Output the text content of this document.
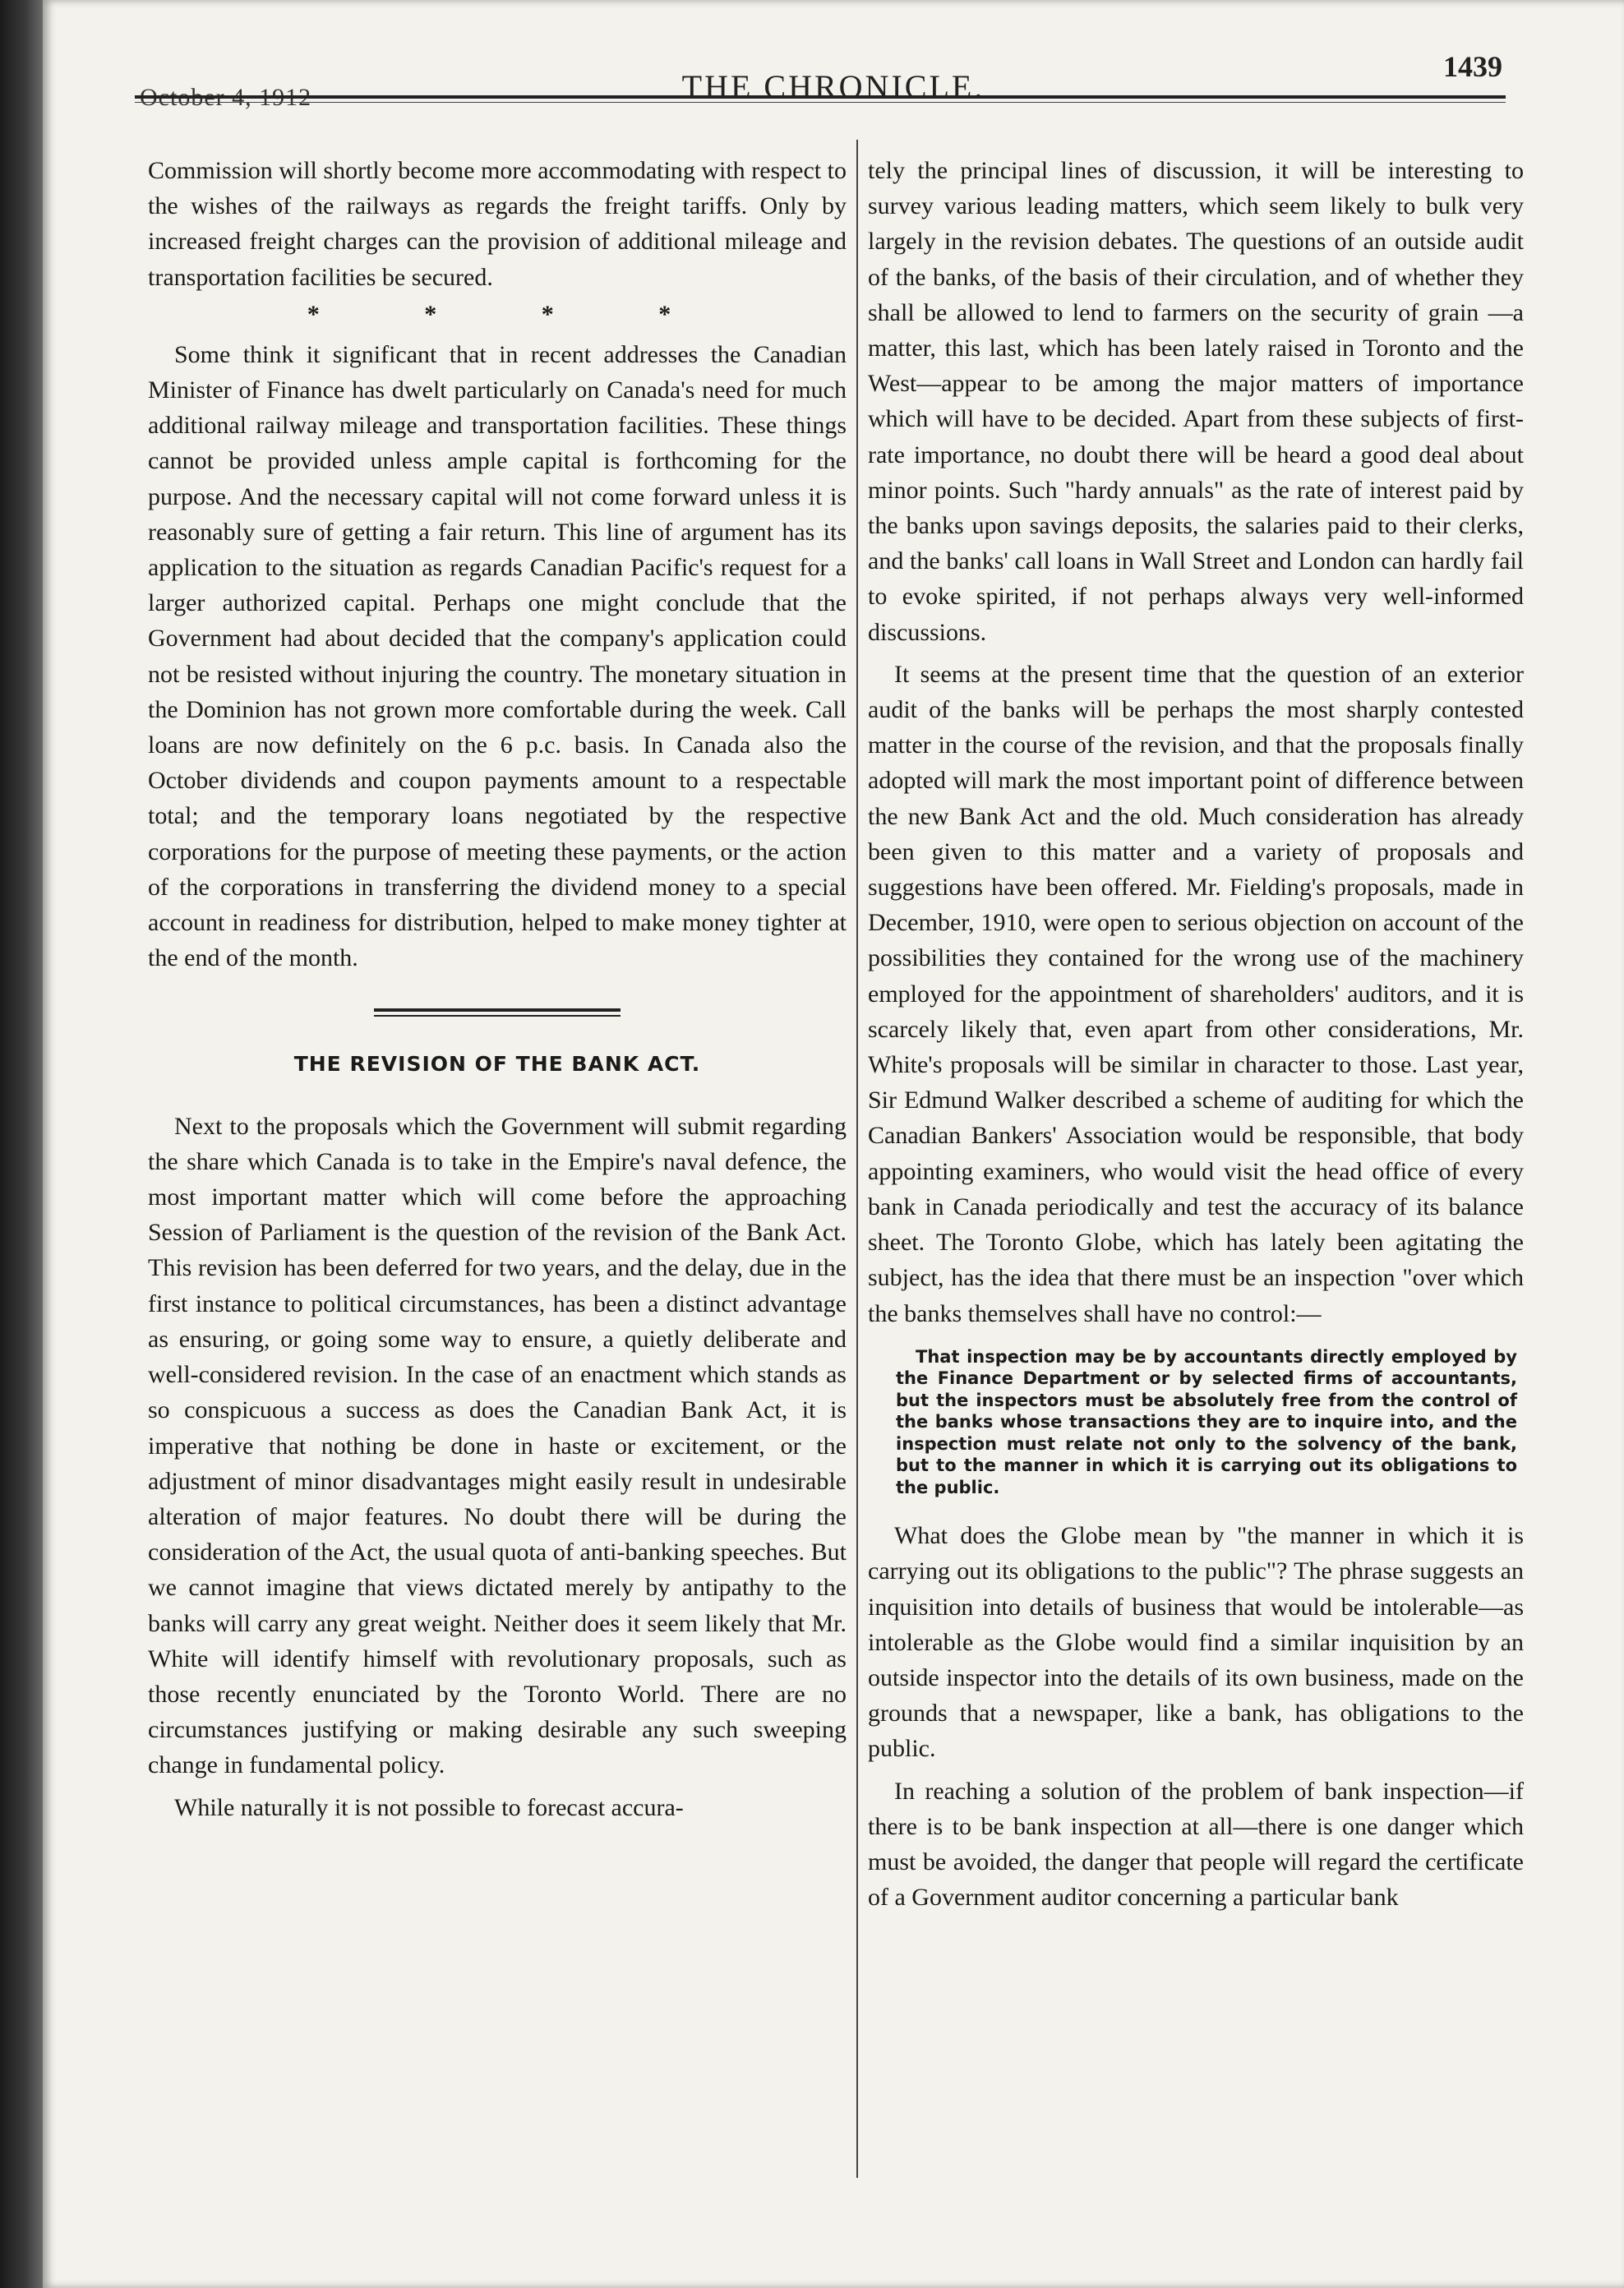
October 4, 1912	THE CHRONICLE.
1439

Commission will shortly become more accommodating with respect to the wishes of the railways as regards the freight tariffs. Only by increased freight charges can the provision of additional mileage and transportation facilities be secured.

* * * *

Some think it significant that in recent addresses the Canadian Minister of Finance has dwelt particularly on Canada's need for much additional railway mileage and transportation facilities. These things cannot be provided unless ample capital is forthcoming for the purpose. And the necessary capital will not come forward unless it is reasonably sure of getting a fair return. This line of argument has its application to the situation as regards Canadian Pacific's request for a larger authorized capital. Perhaps one might conclude that the Government had about decided that the company's application could not be resisted without injuring the country. The monetary situation in the Dominion has not grown more comfortable during the week. Call loans are now definitely on the 6 p.c. basis. In Canada also the October dividends and coupon payments amount to a respectable total; and the temporary loans negotiated by the respective corporations for the purpose of meeting these payments, or the action of the corporations in transferring the dividend money to a special account in readiness for distribution, helped to make money tighter at the end of the month.

THE REVISION OF THE BANK ACT.

Next to the proposals which the Government will submit regarding the share which Canada is to take in the Empire's naval defence, the most important matter which will come before the approaching Session of Parliament is the question of the revision of the Bank Act. This revision has been deferred for two years, and the delay, due in the first instance to political circumstances, has been a distinct advantage as ensuring, or going some way to ensure, a quietly deliberate and well-considered revision. In the case of an enactment which stands as so conspicuous a success as does the Canadian Bank Act, it is imperative that nothing be done in haste or excitement, or the adjustment of minor disadvantages might easily result in undesirable alteration of major features. No doubt there will be during the consideration of the Act, the usual quota of anti-banking speeches. But we cannot imagine that views dictated merely by antipathy to the banks will carry any great weight. Neither does it seem likely that Mr. White will identify himself with revolutionary proposals, such as those recently enunciated by the Toronto World. There are no circumstances justifying or making desirable any such sweeping change in fundamental policy.

While naturally it is not possible to forecast accura-

tely the principal lines of discussion, it will be interesting to survey various leading matters, which seem likely to bulk very largely in the revision debates. The questions of an outside audit of the banks, of the basis of their circulation, and of whether they shall be allowed to lend to farmers on the security of grain —a matter, this last, which has been lately raised in Toronto and the West—appear to be among the major matters of importance which will have to be decided. Apart from these subjects of first-rate importance, no doubt there will be heard a good deal about minor points. Such "hardy annuals" as the rate of interest paid by the banks upon savings deposits, the salaries paid to their clerks, and the banks' call loans in Wall Street and London can hardly fail to evoke spirited, if not perhaps always very well-informed discussions.

It seems at the present time that the question of an exterior audit of the banks will be perhaps the most sharply contested matter in the course of the revision, and that the proposals finally adopted will mark the most important point of difference between the new Bank Act and the old. Much consideration has already been given to this matter and a variety of proposals and suggestions have been offered. Mr. Fielding's proposals, made in December, 1910, were open to serious objection on account of the possibilities they contained for the wrong use of the machinery employed for the appointment of shareholders' auditors, and it is scarcely likely that, even apart from other considerations, Mr. White's proposals will be similar in character to those. Last year, Sir Edmund Walker described a scheme of auditing for which the Canadian Bankers' Association would be responsible, that body appointing examiners, who would visit the head office of every bank in Canada periodically and test the accuracy of its balance sheet. The Toronto Globe, which has lately been agitating the subject, has the idea that there must be an inspection "over which the banks themselves shall have no control:—

That inspection may be by accountants directly employed by the Finance Department or by selected firms of accountants, but the inspectors must be absolutely free from the control of the banks whose transactions they are to inquire into, and the inspection must relate not only to the solvency of the bank, but to the manner in which it is carrying out its obligations to the public.

What does the Globe mean by "the manner in which it is carrying out its obligations to the public"? The phrase suggests an inquisition into details of business that would be intolerable—as intolerable as the Globe would find a similar inquisition by an outside inspector into the details of its own business, made on the grounds that a newspaper, like a bank, has obligations to the public.

In reaching a solution of the problem of bank inspection—if there is to be bank inspection at all—there is one danger which must be avoided, the danger that people will regard the certificate of a Government auditor concerning a particular bank
